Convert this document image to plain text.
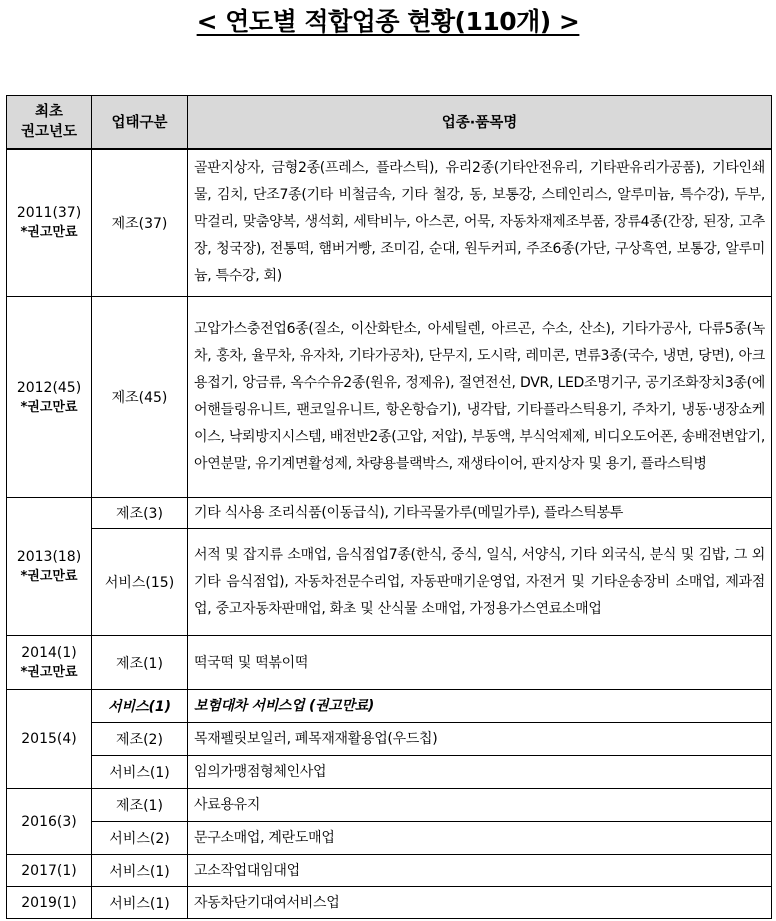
< 연도별 적합업종 현황(110개) >
최초
권고년도	업태구분	업종·품목명

2011(37)
*권고만료	제조(37)	골판지상자, 금형2종(프레스, 플라스틱), 유리2종(기타안전유리, 기타판유리가공품), 기타인쇄물, 김치, 단조7종(기타 비철금속, 기타 철강, 동, 보통강, 스테인리스, 알루미늄, 특수강), 두부, 막걸리, 맞춤양복, 생석회, 세탁비누, 아스콘, 어묵, 자동차재제조부품, 장류4종(간장, 된장, 고추장, 청국장), 전통떡, 햄버거빵, 조미김, 순대, 원두커피, 주조6종(가단, 구상흑연, 보통강, 알루미늄, 특수강, 회)

2012(45)
*권고만료	제조(45)	고압가스충전업6종(질소, 이산화탄소, 아세틸렌, 아르곤, 수소, 산소), 기타가공사, 다류5종(녹차, 홍차, 율무차, 유자차, 기타가공차), 단무지, 도시락, 레미콘, 면류3종(국수, 냉면, 당면), 아크용접기, 앙금류, 옥수수유2종(원유, 정제유), 절연전선, DVR, LED조명기구, 공기조화장치3종(에어핸들링유니트, 팬코일유니트, 항온항습기), 냉각탑, 기타플라스틱용기, 주차기, 냉동·냉장쇼케이스, 낙뢰방지시스템, 배전반2종(고압, 저압), 부동액, 부식억제제, 비디오도어폰, 송배전변압기, 아연분말, 유기계면활성제, 차량용블랙박스, 재생타이어, 판지상자 및 용기, 플라스틱병

2013(18)
*권고만료	제조(3)	기타 식사용 조리식품(이동급식), 기타곡물가루(메밀가루), 플라스틱봉투
	서비스(15)	서적 및 잡지류 소매업, 음식점업7종(한식, 중식, 일식, 서양식, 기타 외국식, 분식 및 김밥, 그 외 기타 음식점업), 자동차전문수리업, 자동판매기운영업, 자전거 및 기타운송장비 소매업, 제과점업, 중고자동차판매업, 화초 및 산식물 소매업, 가정용가스연료소매업

2014(1)
*권고만료	제조(1)	떡국떡 및 떡볶이떡

2015(4)	서비스(1)	보험대차 서비스업 (권고만료)
	제조(2)	목재펠릿보일러, 폐목재재활용업(우드칩)
	서비스(1)	임의가맹점형체인사업

2016(3)	제조(1)	사료용유지
	서비스(2)	문구소매업, 계란도매업

2017(1)	서비스(1)	고소작업대임대업

2019(1)	서비스(1)	자동차단기대여서비스업
